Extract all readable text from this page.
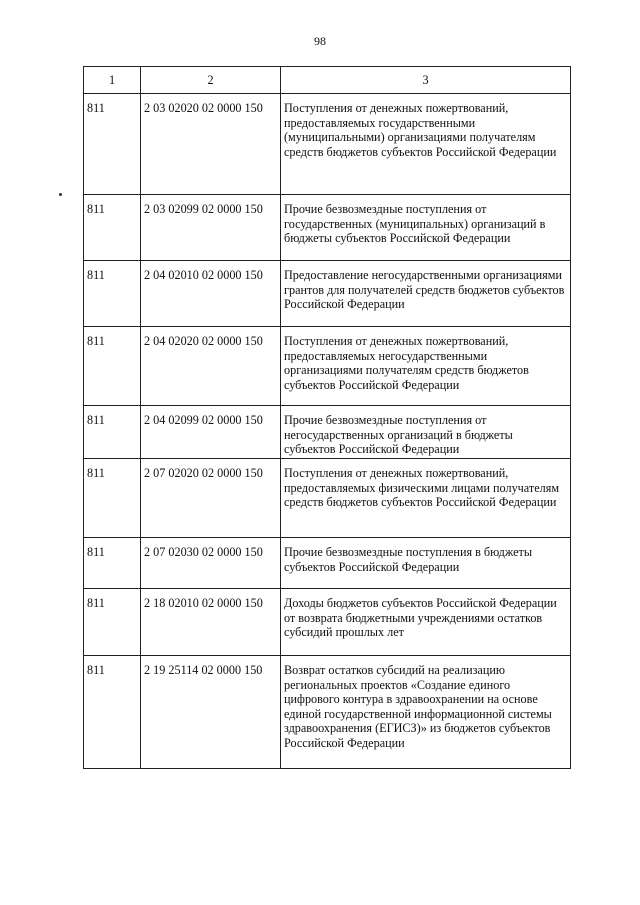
98
1	2	3
811	2 03 02020 02 0000 150	Поступления от денежных пожертвований, предоставляемых государственными (муниципальными) организациями получателям средств бюджетов субъектов Российской Федерации
811	2 03 02099 02 0000 150	Прочие безвозмездные поступления от государственных (муниципальных) организаций в бюджеты субъектов Российской Федерации
811	2 04 02010 02 0000 150	Предоставление негосударственными организациями грантов для получателей средств бюджетов субъектов Российской Федерации
811	2 04 02020 02 0000 150	Поступления от денежных пожертвований, предоставляемых негосударственными организациями получателям средств бюджетов субъектов Российской Федерации
811	2 04 02099 02 0000 150	Прочие безвозмездные поступления от негосударственных организаций в бюджеты субъектов Российской Федерации
811	2 07 02020 02 0000 150	Поступления от денежных пожертвований, предоставляемых физическими лицами получателям средств бюджетов субъектов Российской Федерации
811	2 07 02030 02 0000 150	Прочие безвозмездные поступления в бюджеты субъектов Российской Федерации
811	2 18 02010 02 0000 150	Доходы бюджетов субъектов Российской Федерации от возврата бюджетными учреждениями остатков субсидий прошлых лет
811	2 19 25114 02 0000 150	Возврат остатков субсидий на реализацию региональных проектов «Создание единого цифрового контура в здравоохранении на основе единой государственной информационной системы здравоохранения (ЕГИСЗ)» из бюджетов субъектов Российской Федерации
